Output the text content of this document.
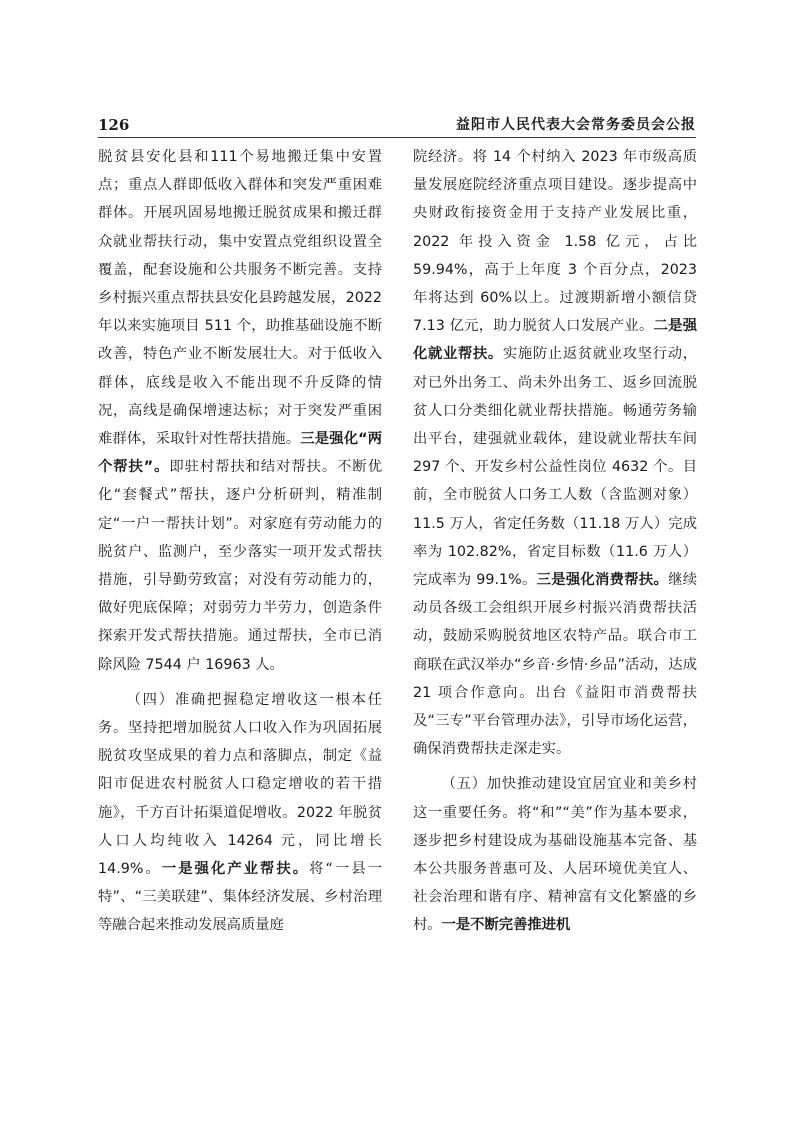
126	益阳市人民代表大会常务委员会公报

脱贫县安化县和111个易地搬迁集中安置点；重点人群即低收入群体和突发严重困难群体。开展巩固易地搬迁脱贫成果和搬迁群众就业帮扶行动，集中安置点党组织设置全覆盖，配套设施和公共服务不断完善。支持乡村振兴重点帮扶县安化县跨越发展，2022 年以来实施项目 511 个，助推基础设施不断改善，特色产业不断发展壮大。对于低收入群体，底线是收入不能出现不升反降的情况，高线是确保增速达标；对于突发严重困难群体，采取针对性帮扶措施。三是强化“两个帮扶”。即驻村帮扶和结对帮扶。不断优化“套餐式”帮扶，逐户分析研判，精准制定“一户一帮扶计划”。对家庭有劳动能力的脱贫户、监测户，至少落实一项开发式帮扶措施，引导勤劳致富；对没有劳动能力的，做好兜底保障；对弱劳力半劳力，创造条件探索开发式帮扶措施。通过帮扶，全市已消除风险 7544 户 16963 人。

（四）准确把握稳定增收这一根本任务。坚持把增加脱贫人口收入作为巩固拓展脱贫攻坚成果的着力点和落脚点，制定《益阳市促进农村脱贫人口稳定增收的若干措施》，千方百计拓渠道促增收。2022 年脱贫人口人均纯收入 14264 元，同比增长 14.9%。一是强化产业帮扶。将“一县一特”、“三美联建”、集体经济发展、乡村治理等融合起来推动发展高质量庭

院经济。将 14 个村纳入 2023 年市级高质量发展庭院经济重点项目建设。逐步提高中央财政衔接资金用于支持产业发展比重，2022 年投入资金 1.58 亿元，占比 59.94%，高于上年度 3 个百分点，2023 年将达到 60%以上。过渡期新增小额信贷 7.13 亿元，助力脱贫人口发展产业。二是强化就业帮扶。实施防止返贫就业攻坚行动，对已外出务工、尚未外出务工、返乡回流脱贫人口分类细化就业帮扶措施。畅通劳务输出平台，建强就业载体，建设就业帮扶车间 297 个、开发乡村公益性岗位 4632 个。目前，全市脱贫人口务工人数（含监测对象）11.5 万人，省定任务数（11.18 万人）完成率为 102.82%，省定目标数（11.6 万人）完成率为 99.1%。三是强化消费帮扶。继续动员各级工会组织开展乡村振兴消费帮扶活动，鼓励采购脱贫地区农特产品。联合市工商联在武汉举办“乡音·乡情·乡品”活动，达成 21 项合作意向。出台《益阳市消费帮扶及“三专”平台管理办法》，引导市场化运营，确保消费帮扶走深走实。

（五）加快推动建设宜居宜业和美乡村这一重要任务。将“和”“美”作为基本要求，逐步把乡村建设成为基础设施基本完备、基本公共服务普惠可及、人居环境优美宜人、社会治理和谐有序、精神富有文化繁盛的乡村。一是不断完善推进机
